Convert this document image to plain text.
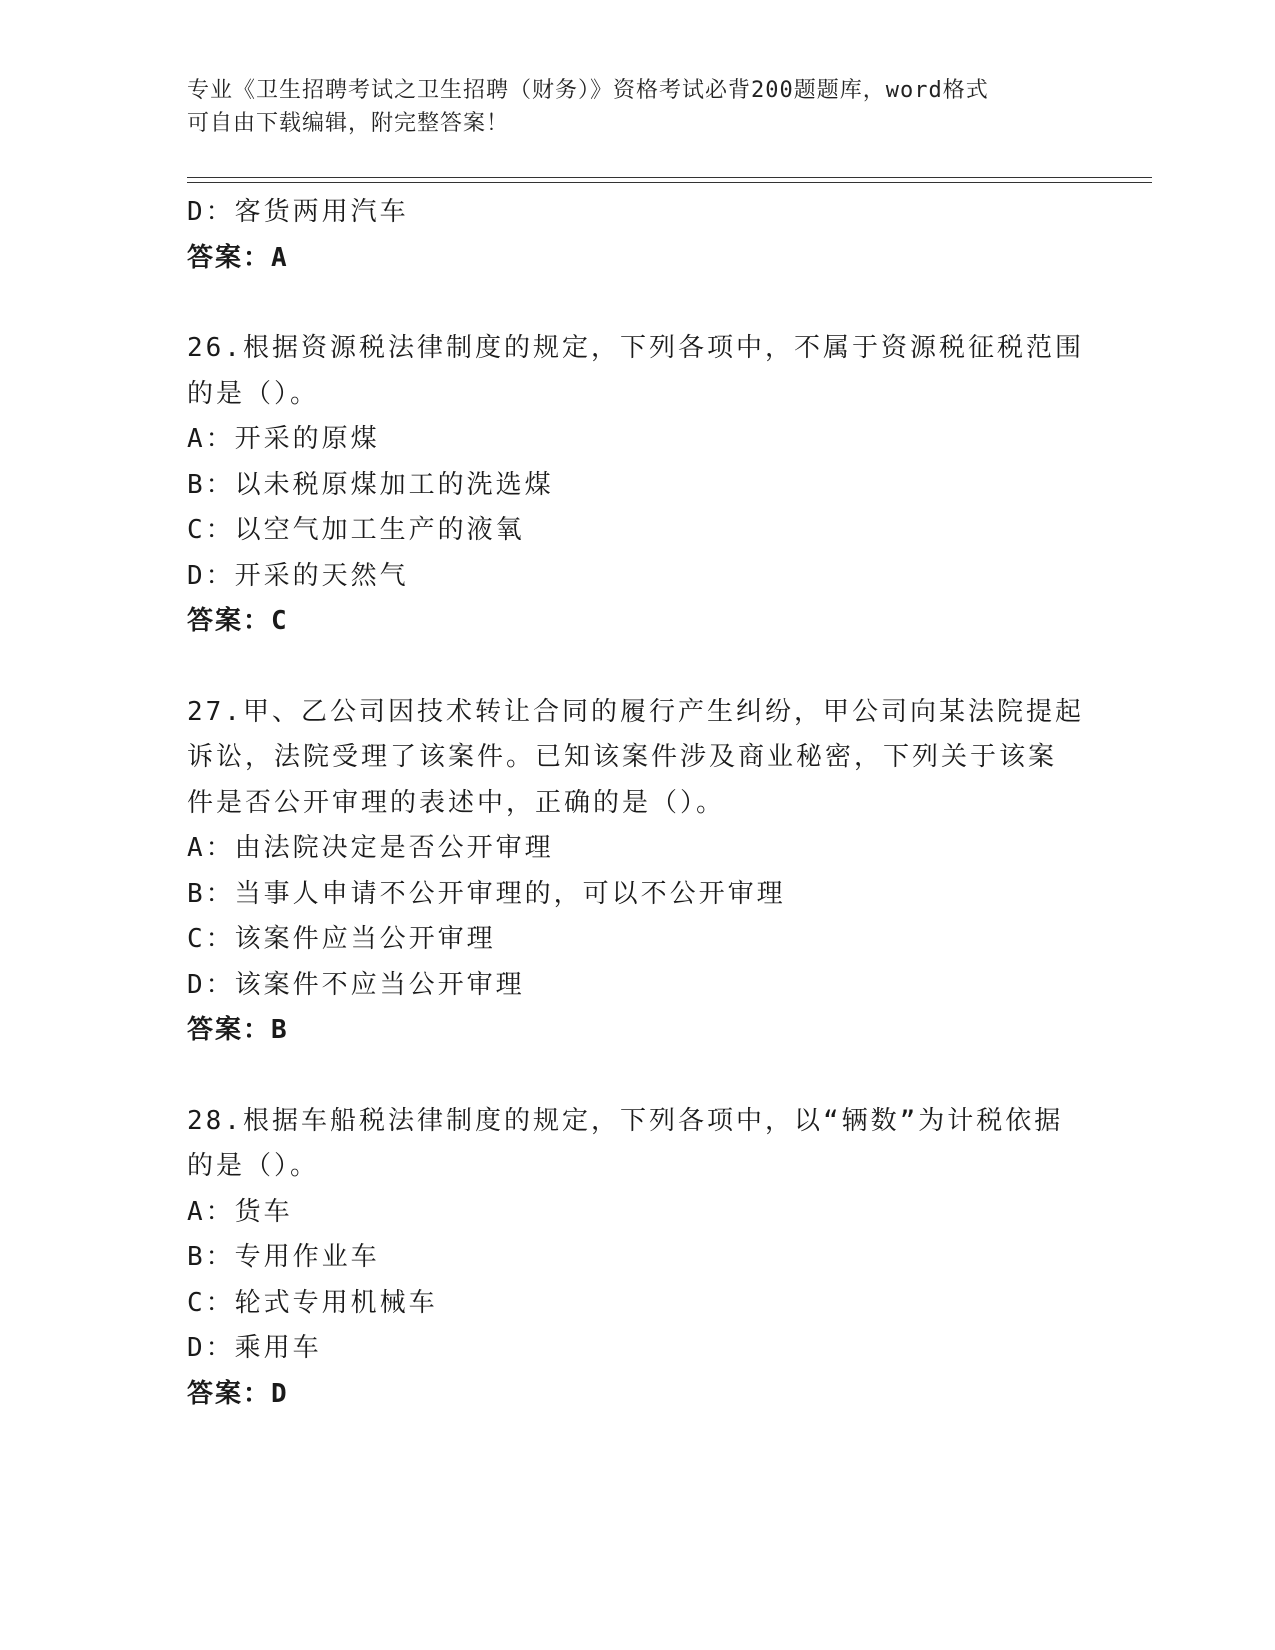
专业《卫生招聘考试之卫生招聘（财务）》资格考试必背200题题库，word格式
可自由下载编辑，附完整答案！
D：客货两用汽车
答案：A
26.根据资源税法律制度的规定，下列各项中，不属于资源税征税范围
的是（）。
A：开采的原煤
B：以未税原煤加工的洗选煤
C：以空气加工生产的液氧
D：开采的天然气
答案：C
27.甲、乙公司因技术转让合同的履行产生纠纷，甲公司向某法院提起
诉讼，法院受理了该案件。已知该案件涉及商业秘密，下列关于该案
件是否公开审理的表述中，正确的是（）。
A：由法院决定是否公开审理
B：当事人申请不公开审理的，可以不公开审理
C：该案件应当公开审理
D：该案件不应当公开审理
答案：B
28.根据车船税法律制度的规定，下列各项中，以“辆数”为计税依据
的是（）。
A：货车
B：专用作业车
C：轮式专用机械车
D：乘用车
答案：D
